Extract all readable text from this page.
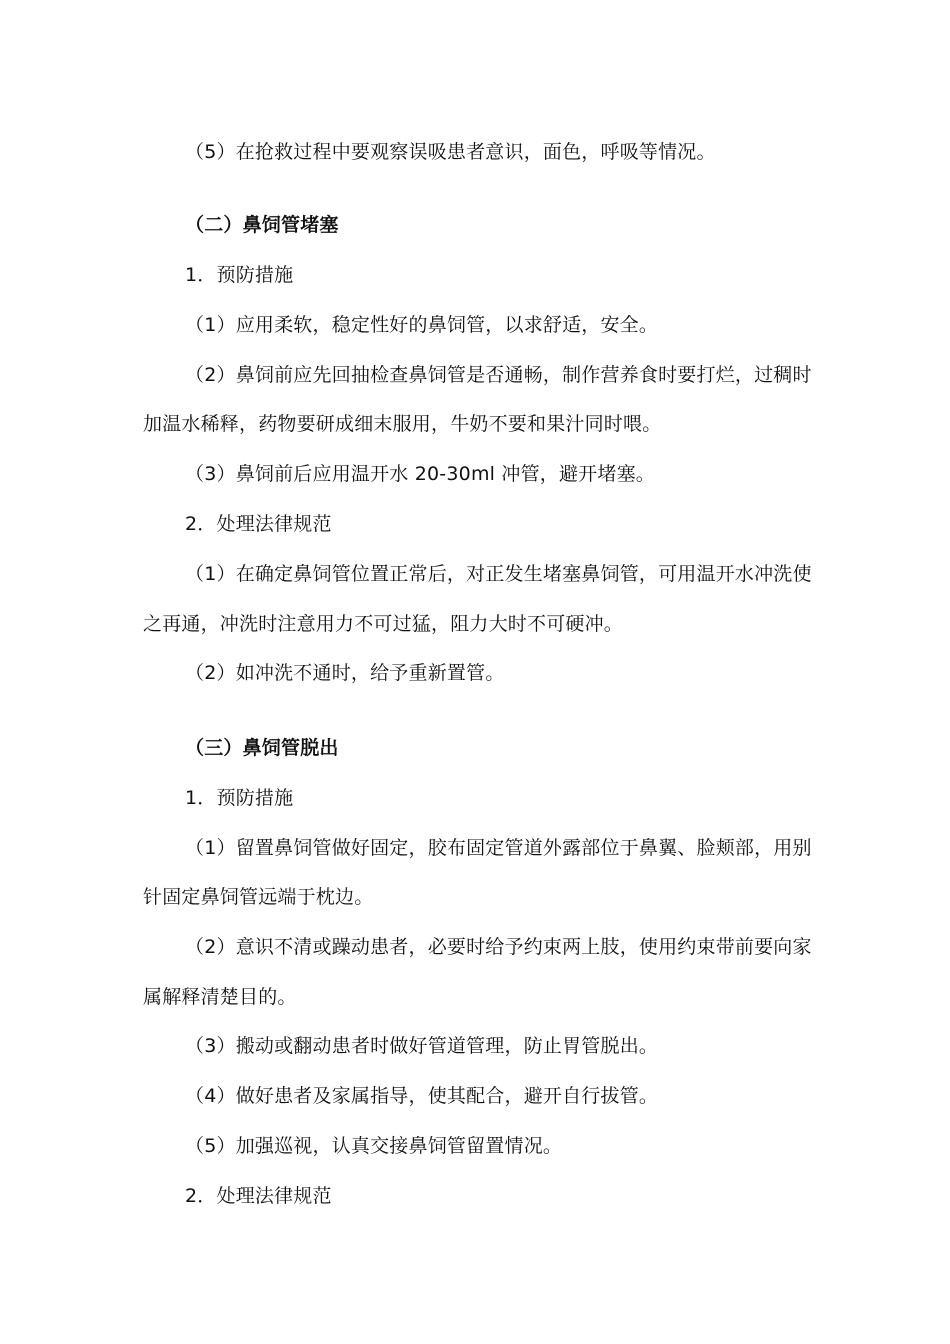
（5）在抢救过程中要观察误吸患者意识，面色，呼吸等情况。
（二）鼻饲管堵塞
1．预防措施
（1）应用柔软，稳定性好的鼻饲管，以求舒适，安全。
（2）鼻饲前应先回抽检查鼻饲管是否通畅，制作营养食时要打烂，过稠时
加温水稀释，药物要研成细末服用，牛奶不要和果汁同时喂。
（3）鼻饲前后应用温开水 20-30ml 冲管，避开堵塞。
2．处理法律规范
（1）在确定鼻饲管位置正常后，对正发生堵塞鼻饲管，可用温开水冲洗使
之再通，冲洗时注意用力不可过猛，阻力大时不可硬冲。
（2）如冲洗不通时，给予重新置管。
（三）鼻饲管脱出
1．预防措施
（1）留置鼻饲管做好固定，胶布固定管道外露部位于鼻翼、脸颊部，用别
针固定鼻饲管远端于枕边。
（2）意识不清或躁动患者，必要时给予约束两上肢，使用约束带前要向家
属解释清楚目的。
（3）搬动或翻动患者时做好管道管理，防止胃管脱出。
（4）做好患者及家属指导，使其配合，避开自行拔管。
（5）加强巡视，认真交接鼻饲管留置情况。
2．处理法律规范
